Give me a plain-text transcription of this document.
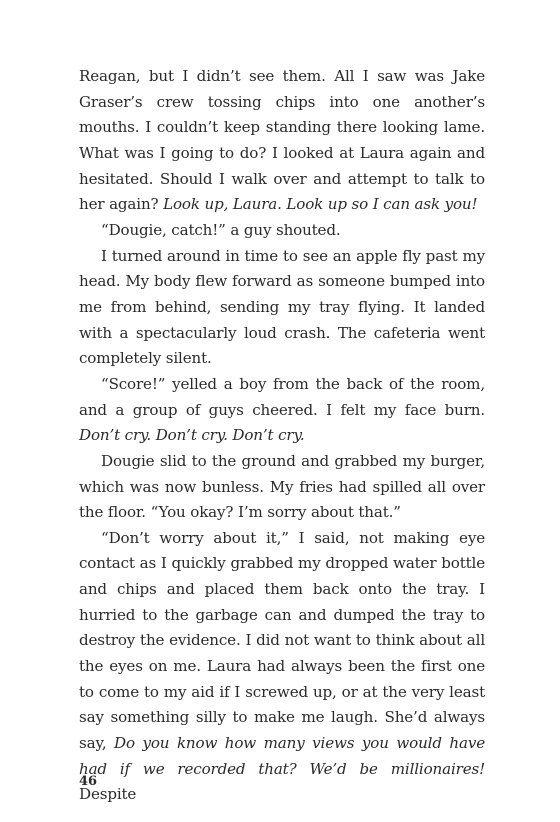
Reagan, but I didn’t see them. All I saw was Jake Graser’s crew tossing chips into one another’s mouths. I couldn’t keep standing there looking lame. What was I going to do? I looked at Laura again and hesitated. Should I walk over and attempt to talk to her again? Look up, Laura. Look up so I can ask you!

“Dougie, catch!” a guy shouted.

I turned around in time to see an apple fly past my head. My body flew forward as someone bumped into me from behind, sending my tray flying. It landed with a spectacularly loud crash. The cafeteria went completely silent.

“Score!” yelled a boy from the back of the room, and a group of guys cheered. I felt my face burn. Don’t cry. Don’t cry. Don’t cry.

Dougie slid to the ground and grabbed my burger, which was now bunless. My fries had spilled all over the floor. “You okay? I’m sorry about that.”

“Don’t worry about it,” I said, not making eye contact as I quickly grabbed my dropped water bottle and chips and placed them back onto the tray. I hurried to the garbage can and dumped the tray to destroy the evidence. I did not want to think about all the eyes on me. Laura had always been the first one to come to my aid if I screwed up, or at the very least say something silly to make me laugh. She’d always say, Do you know how many views you would have had if we recorded that? We’d be millionaires! Despite

46
